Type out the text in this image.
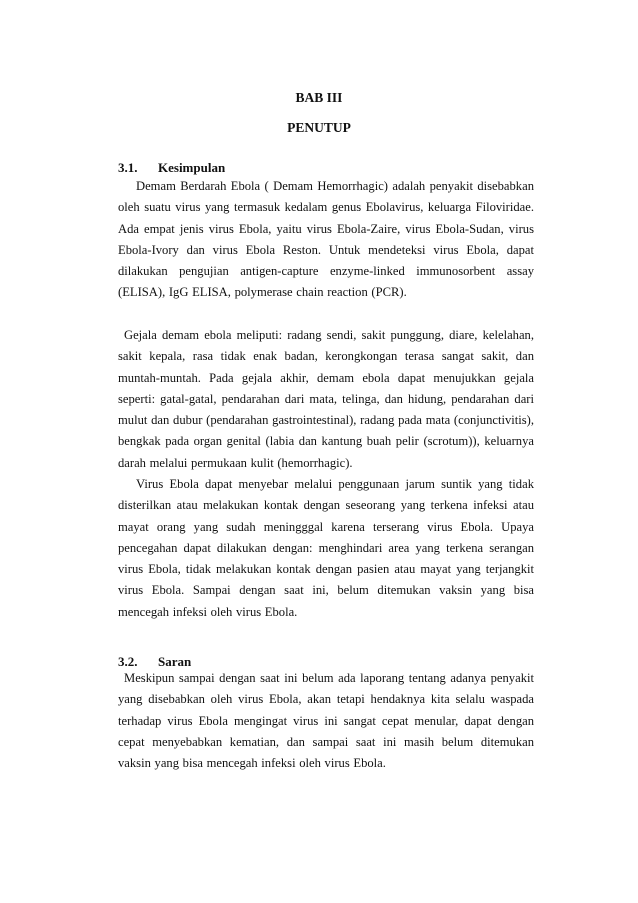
BAB III
PENUTUP
3.1. Kesimpulan

Demam Berdarah Ebola ( Demam Hemorrhagic) adalah penyakit disebabkan oleh suatu virus yang termasuk kedalam genus Ebolavirus, keluarga Filoviridae. Ada empat jenis virus Ebola, yaitu virus Ebola-Zaire, virus Ebola-Sudan, virus Ebola-Ivory dan virus Ebola Reston. Untuk mendeteksi virus Ebola, dapat dilakukan pengujian antigen-capture enzyme-linked immunosorbent assay (ELISA), IgG ELISA, polymerase chain reaction (PCR).

Gejala demam ebola meliputi: radang sendi, sakit punggung, diare, kelelahan, sakit kepala, rasa tidak enak badan, kerongkongan terasa sangat sakit, dan muntah-muntah. Pada gejala akhir, demam ebola dapat menujukkan gejala seperti: gatal-gatal, pendarahan dari mata, telinga, dan hidung, pendarahan dari mulut dan dubur (pendarahan gastrointestinal), radang pada mata (conjunctivitis), bengkak pada organ genital (labia dan kantung buah pelir (scrotum)), keluarnya darah melalui permukaan kulit (hemorrhagic).

Virus Ebola dapat menyebar melalui penggunaan jarum suntik yang tidak disterilkan atau melakukan kontak dengan seseorang yang terkena infeksi atau mayat orang yang sudah meningggal karena terserang virus Ebola. Upaya pencegahan dapat dilakukan dengan: menghindari area yang terkena serangan virus Ebola, tidak melakukan kontak dengan pasien atau mayat yang terjangkit virus Ebola. Sampai dengan saat ini, belum ditemukan vaksin yang bisa mencegah infeksi oleh virus Ebola.

3.2. Saran

Meskipun sampai dengan saat ini belum ada laporang tentang adanya penyakit yang disebabkan oleh virus Ebola, akan tetapi hendaknya kita selalu waspada terhadap virus Ebola mengingat virus ini sangat cepat menular, dapat dengan cepat menyebabkan kematian, dan sampai saat ini masih belum ditemukan vaksin yang bisa mencegah infeksi oleh virus Ebola.
